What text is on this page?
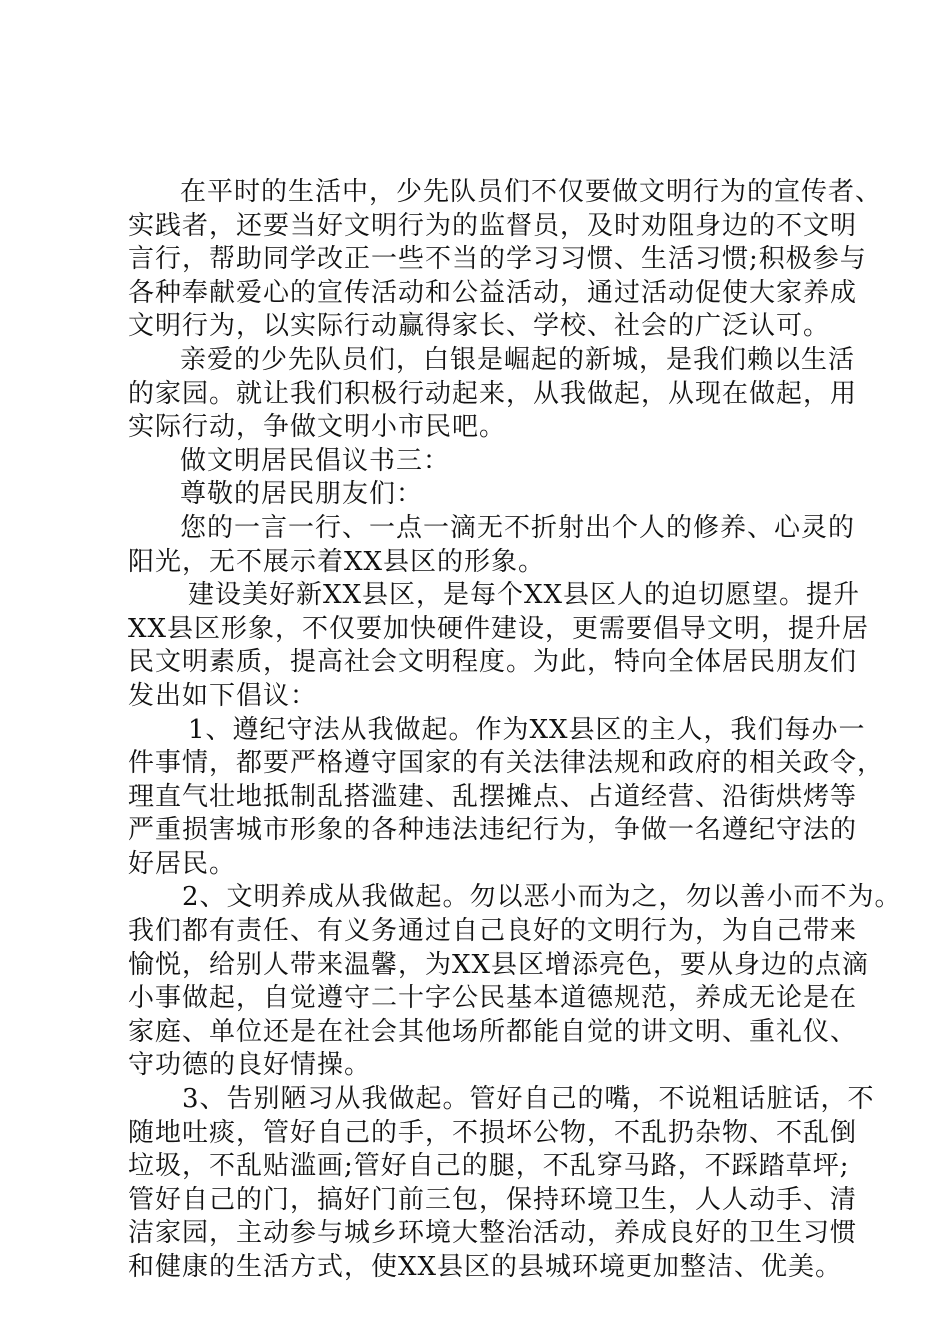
在平时的生活中，少先队员们不仅要做文明行为的宣传者、
实践者，还要当好文明行为的监督员，及时劝阻身边的不文明
言行，帮助同学改正一些不当的学习习惯、生活习惯;积极参与
各种奉献爱心的宣传活动和公益活动，通过活动促使大家养成
文明行为，以实际行动赢得家长、学校、社会的广泛认可。
亲爱的少先队员们，白银是崛起的新城，是我们赖以生活
的家园。就让我们积极行动起来，从我做起，从现在做起，用
实际行动，争做文明小市民吧。
做文明居民倡议书三：
尊敬的居民朋友们：
您的一言一行、一点一滴无不折射出个人的修养、心灵的
阳光，无不展示着XX县区的形象。
建设美好新XX县区，是每个XX县区人的迫切愿望。提升
XX县区形象，不仅要加快硬件建设，更需要倡导文明，提升居
民文明素质，提高社会文明程度。为此，特向全体居民朋友们
发出如下倡议：
1、遵纪守法从我做起。作为XX县区的主人，我们每办一
件事情，都要严格遵守国家的有关法律法规和政府的相关政令，
理直气壮地抵制乱搭滥建、乱摆摊点、占道经营、沿街烘烤等
严重损害城市形象的各种违法违纪行为，争做一名遵纪守法的
好居民。
2、文明养成从我做起。勿以恶小而为之，勿以善小而不为。
我们都有责任、有义务通过自己良好的文明行为，为自己带来
愉悦，给别人带来温馨，为XX县区增添亮色，要从身边的点滴
小事做起，自觉遵守二十字公民基本道德规范，养成无论是在
家庭、单位还是在社会其他场所都能自觉的讲文明、重礼仪、
守功德的良好情操。
3、告别陋习从我做起。管好自己的嘴，不说粗话脏话，不
随地吐痰，管好自己的手，不损坏公物，不乱扔杂物、不乱倒
垃圾，不乱贴滥画;管好自己的腿，不乱穿马路，不踩踏草坪;
管好自己的门，搞好门前三包，保持环境卫生，人人动手、清
洁家园，主动参与城乡环境大整治活动，养成良好的卫生习惯
和健康的生活方式，使XX县区的县城环境更加整洁、优美。
